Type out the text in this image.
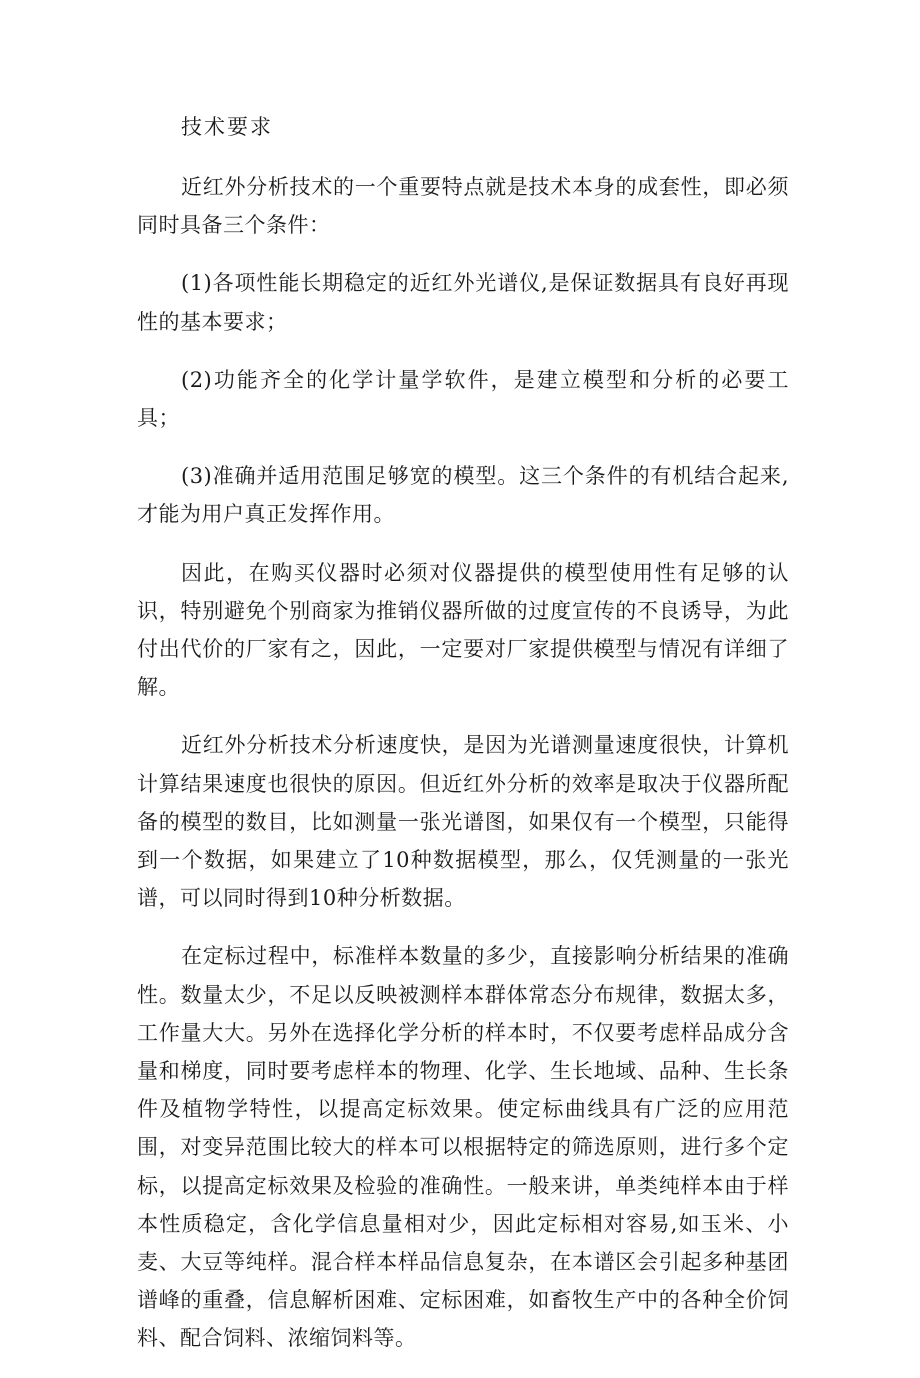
技术要求

近红外分析技术的一个重要特点就是技术本身的成套性，即必须同时具备三个条件：

(1)各项性能长期稳定的近红外光谱仪,是保证数据具有良好再现性的基本要求；

(2)功能齐全的化学计量学软件，是建立模型和分析的必要工具；

(3)准确并适用范围足够宽的模型。这三个条件的有机结合起来,才能为用户真正发挥作用。

因此，在购买仪器时必须对仪器提供的模型使用性有足够的认识，特别避免个别商家为推销仪器所做的过度宣传的不良诱导，为此付出代价的厂家有之，因此，一定要对厂家提供模型与情况有详细了解。

近红外分析技术分析速度快，是因为光谱测量速度很快，计算机计算结果速度也很快的原因。但近红外分析的效率是取决于仪器所配备的模型的数目，比如测量一张光谱图，如果仅有一个模型，只能得到一个数据，如果建立了10种数据模型，那么，仅凭测量的一张光谱，可以同时得到10种分析数据。

在定标过程中，标准样本数量的多少，直接影响分析结果的准确性。数量太少，不足以反映被测样本群体常态分布规律，数据太多，工作量大大。另外在选择化学分析的样本时，不仅要考虑样品成分含量和梯度，同时要考虑样本的物理、化学、生长地域、品种、生长条件及植物学特性，以提高定标效果。使定标曲线具有广泛的应用范围，对变异范围比较大的样本可以根据特定的筛选原则，进行多个定标，以提高定标效果及检验的准确性。一般来讲，单类纯样本由于样本性质稳定，含化学信息量相对少，因此定标相对容易,如玉米、小麦、大豆等纯样。混合样本样品信息复杂，在本谱区会引起多种基团谱峰的重叠，信息解析困难、定标困难，如畜牧生产中的各种全价饲料、配合饲料、浓缩饲料等。
